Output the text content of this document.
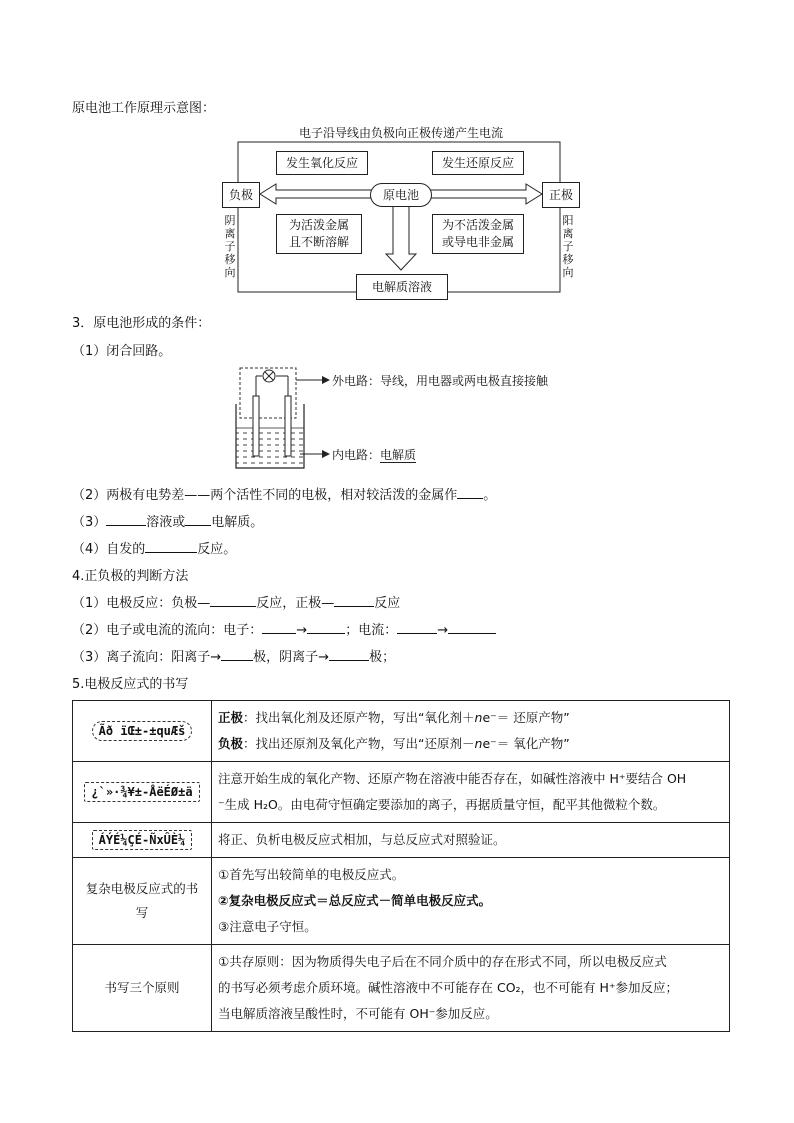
原电池工作原理示意图：
电子沿导线由负极向正极传递产生电流
负极	正极
原电池
发生氧化反应	发生还原反应
为活泼金属
且不断溶解
为不活泼金属
或导电非金属
电解质溶液
阴离子移向
阳离子移向
3．原电池形成的条件：
（1）闭合回路。
外电路：导线，用电器或两电极直接接触
内电路：电解质
（2）两极有电势差——两个活性不同的电极，相对较活泼的金属作 。
（3）	溶液或 电解质。
（4）自发的	反应。
4.正负极的判断方法
（1）电极反应：负极—	反应，正极—	反应
（2）电子或电流的流向：电子：	→	；电流：	→
（3）离子流向：阳离子→ 极，阴离子→	极；
5.电极反应式的书写
Ãð ïŒ±-±quÆš	正极：找出氧化剂及还原产物，写出“氧化剂＋ne⁻＝ 还原产物”
负极：找出还原剂及氧化产物，写出“还原剂－ne⁻＝ 氧化产物”

¿`»·¾¥±-ÅëÉØ±ä	注意开始生成的氧化产物、还原产物在溶液中能否存在，如碱性溶液中 H⁺要结合 OH
⁻生成 H₂O。由电荷守恒确定要添加的离子，再据质量守恒，配平其他微粒个数。

ÁÝÉ¼ÇÉ-ÑxÛÈ¼	将正、负析电极反应式相加，与总反应式对照验证。

复杂电极反应式的书写	①首先写出较简单的电极反应式。
②复杂电极反应式＝总反应式－简单电极反应式。
③注意电子守恒。

书写三个原则	①共存原则：因为物质得失电子后在不同介质中的存在形式不同，所以电极反应式
的书写必须考虑介质环境。碱性溶液中不可能存在 CO₂，也不可能有 H⁺参加反应；
当电解质溶液呈酸性时，不可能有 OH⁻参加反应。
